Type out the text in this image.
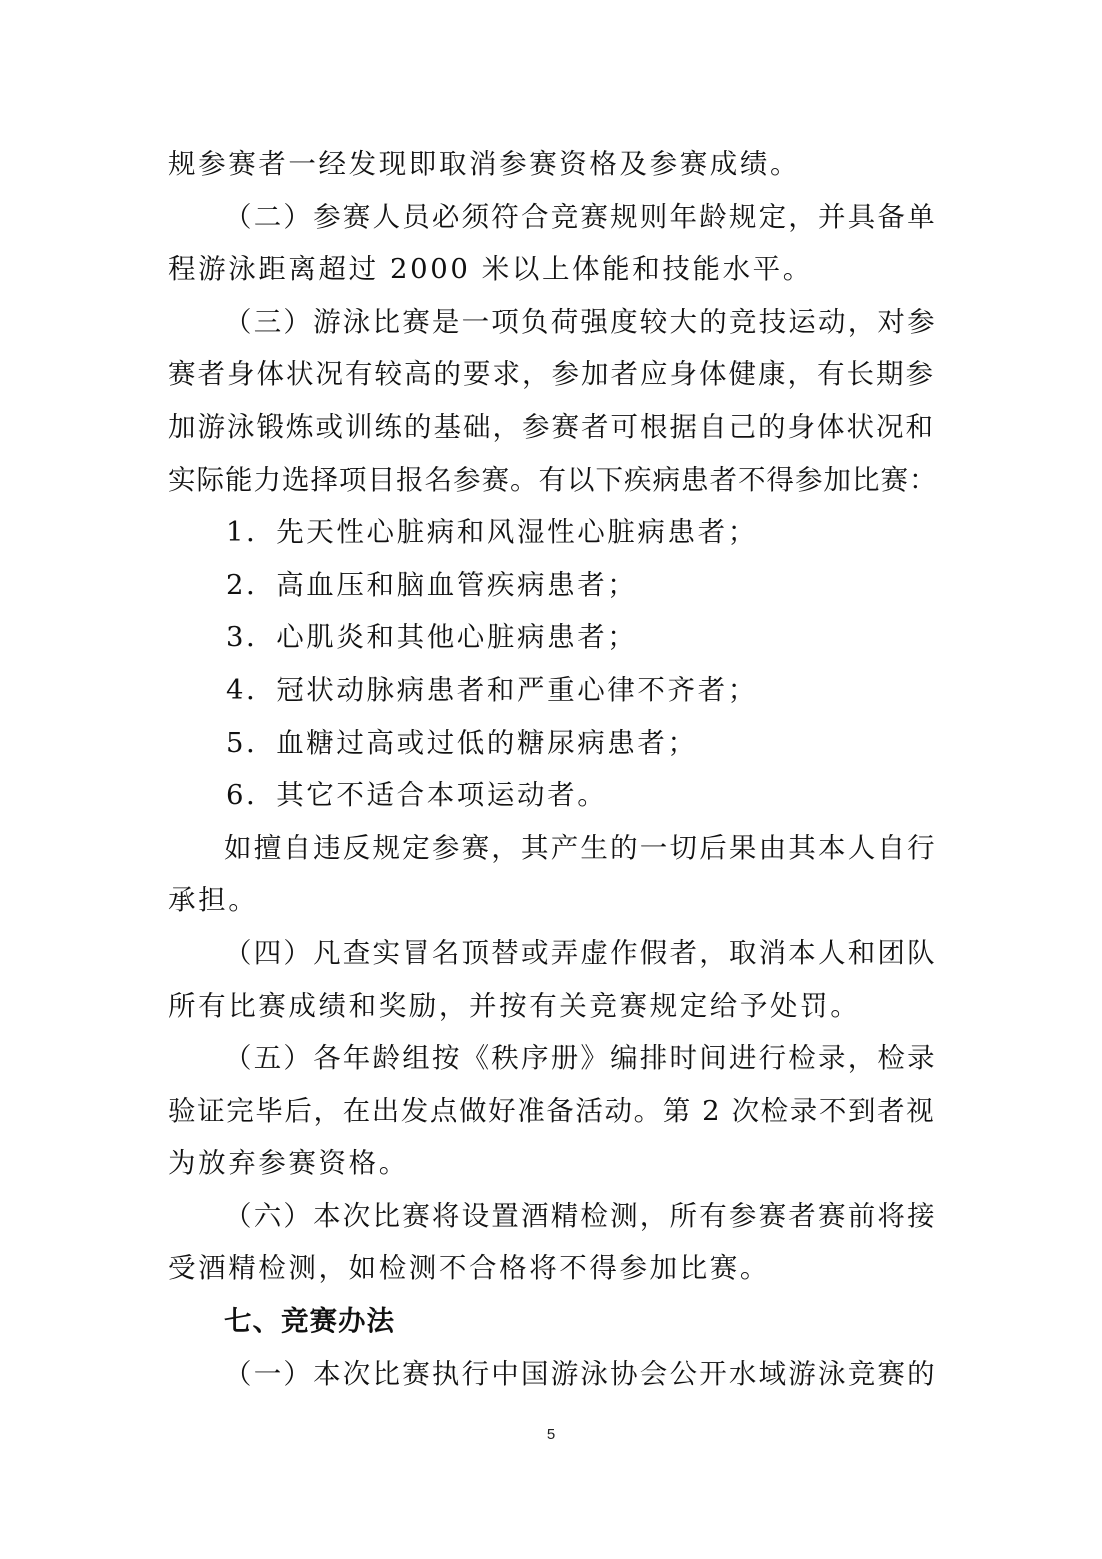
规参赛者一经发现即取消参赛资格及参赛成绩。
（二）参赛人员必须符合竞赛规则年龄规定，并具备单
程游泳距离超过 2000 米以上体能和技能水平。
（三）游泳比赛是一项负荷强度较大的竞技运动，对参
赛者身体状况有较高的要求，参加者应身体健康，有长期参
加游泳锻炼或训练的基础，参赛者可根据自己的身体状况和
实际能力选择项目报名参赛。有以下疾病患者不得参加比赛：
1．先天性心脏病和风湿性心脏病患者；
2．高血压和脑血管疾病患者；
3．心肌炎和其他心脏病患者；
4．冠状动脉病患者和严重心律不齐者；
5．血糖过高或过低的糖尿病患者；
6．其它不适合本项运动者。
如擅自违反规定参赛，其产生的一切后果由其本人自行
承担。
（四）凡查实冒名顶替或弄虚作假者，取消本人和团队
所有比赛成绩和奖励，并按有关竞赛规定给予处罚。
（五）各年龄组按《秩序册》编排时间进行检录，检录
验证完毕后，在出发点做好准备活动。第 2 次检录不到者视
为放弃参赛资格。
（六）本次比赛将设置酒精检测，所有参赛者赛前将接
受酒精检测，如检测不合格将不得参加比赛。
七、竞赛办法
（一）本次比赛执行中国游泳协会公开水域游泳竞赛的
5
